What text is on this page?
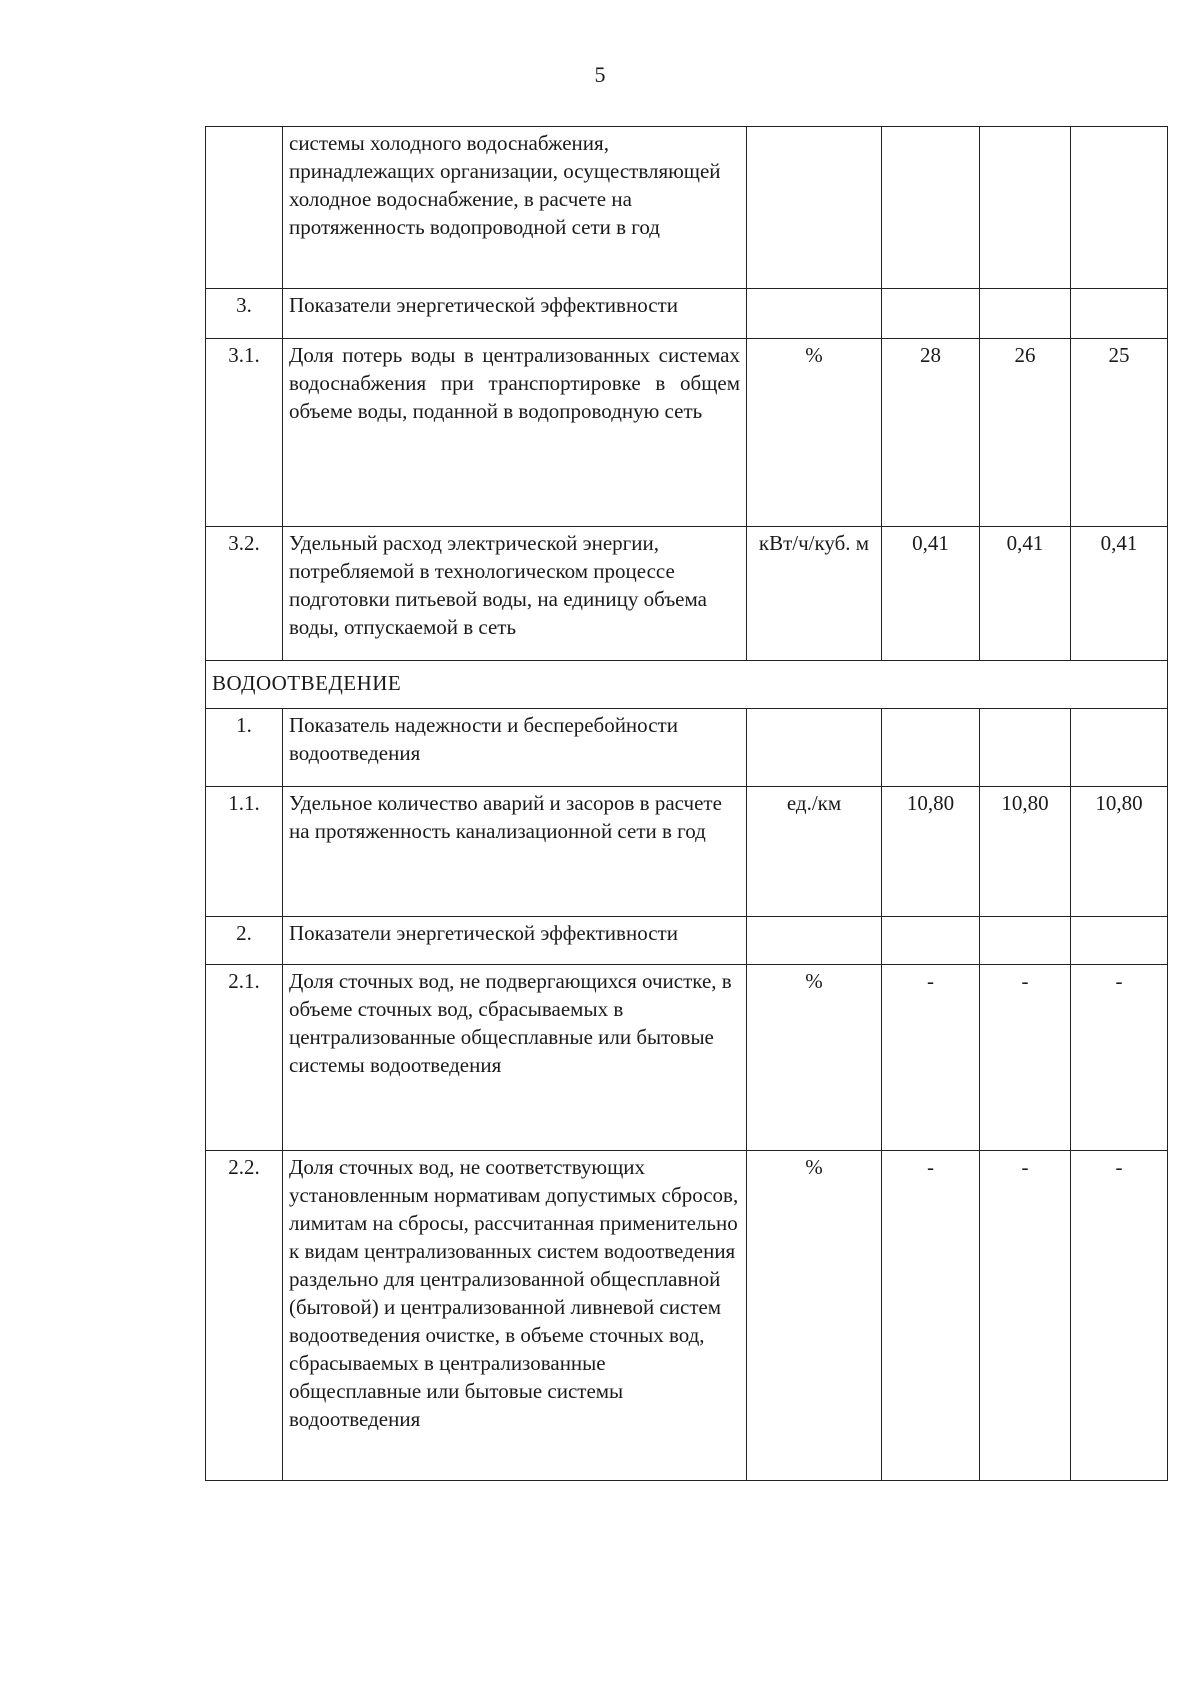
5
	системы холодного водоснабжения, принадлежащих организации, осуществляющей холодное водоснабжение, в расчете на протяженность водопроводной сети в год				
3.	Показатели энергетической эффективности				
3.1.	Доля потерь воды в централизованных системах водоснабжения при транспортировке в общем объеме воды, поданной в водопроводную сеть	%	28	26	25
3.2.	Удельный расход электрической энергии, потребляемой в технологическом процессе подготовки питьевой воды, на единицу объема воды, отпускаемой в сеть	кВт/ч/куб. м	0,41	0,41	0,41
ВОДООТВЕДЕНИЕ					
1.	Показатель надежности и бесперебойности водоотведения				
1.1.	Удельное количество аварий и засоров в расчете на протяженность канализационной сети в год	ед./км	10,80	10,80	10,80
2.	Показатели энергетической эффективности				
2.1.	Доля сточных вод, не подвергающихся очистке, в объеме сточных вод, сбрасываемых в централизованные общесплавные или бытовые системы водоотведения	%	-	-	-
2.2.	Доля сточных вод, не соответствующих установленным нормативам допустимых сбросов, лимитам на сбросы, рассчитанная применительно к видам централизованных систем водоотведения раздельно для централизованной общесплавной (бытовой) и централизованной ливневой систем водоотведения очистке, в объеме сточных вод, сбрасываемых в централизованные общесплавные или бытовые системы водоотведения	%	-	-	-
